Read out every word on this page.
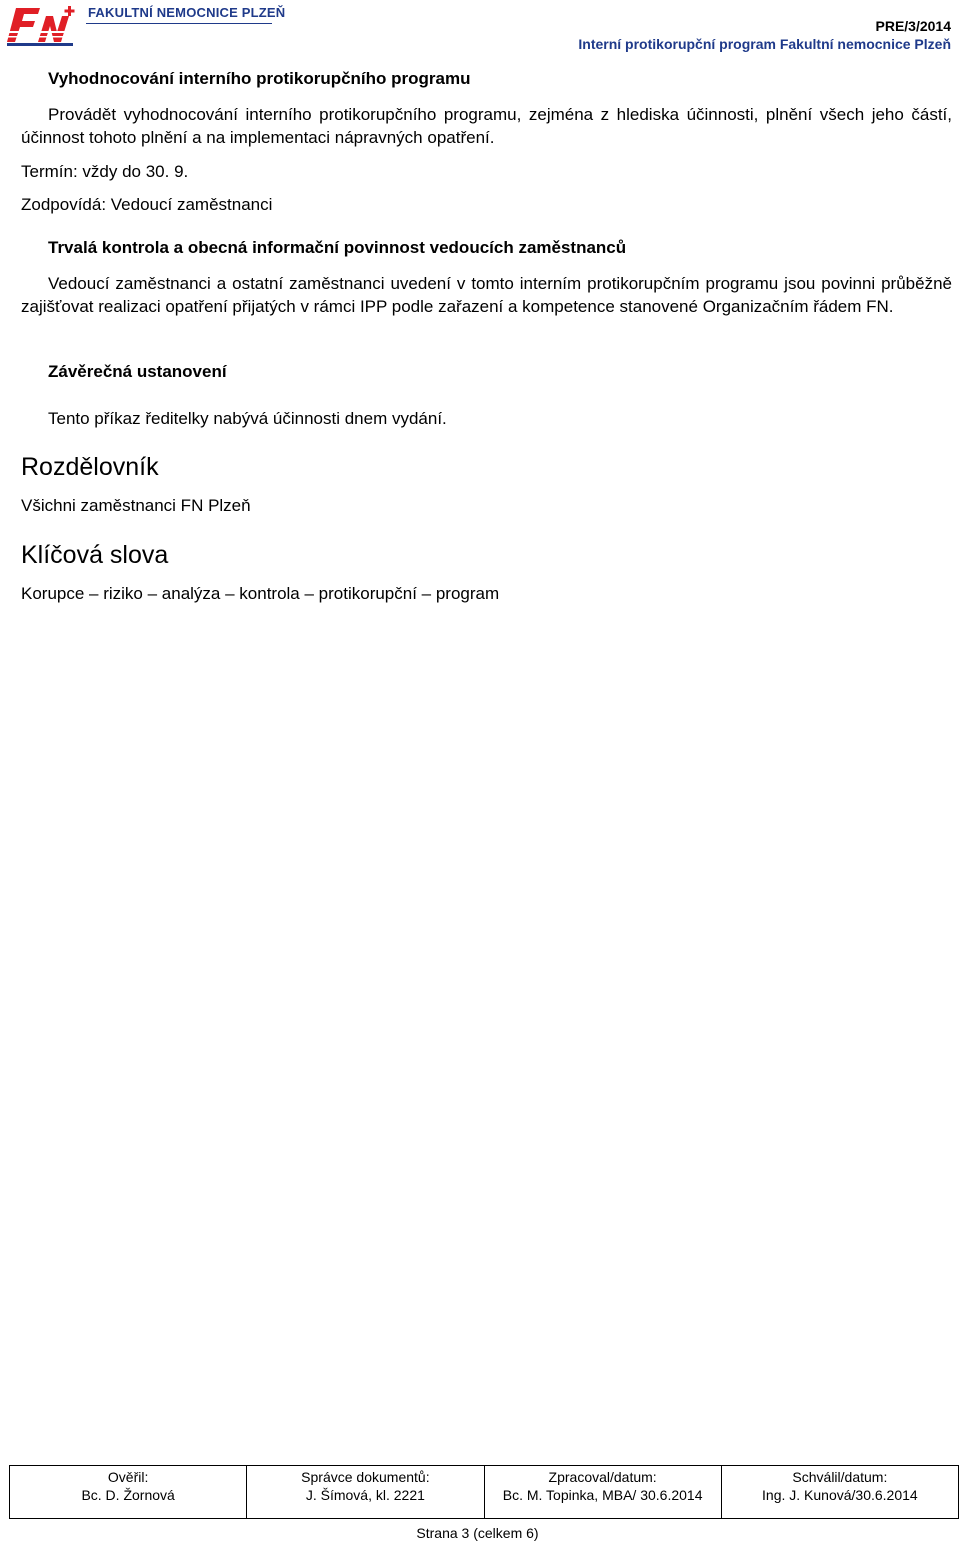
FAKULTNÍ NEMOCNICE PLZEŇ
PRE/3/2014
Interní protikorupční program Fakultní nemocnice Plzeň
Vyhodnocování interního protikorupčního programu
Provádět vyhodnocování interního protikorupčního programu, zejména z hlediska účinnosti, plnění všech jeho částí, účinnost tohoto plnění a na implementaci nápravných opatření.
Termín: vždy do 30. 9.
Zodpovídá: Vedoucí zaměstnanci
Trvalá kontrola a obecná informační povinnost vedoucích zaměstnanců
Vedoucí zaměstnanci a ostatní zaměstnanci uvedení v tomto interním protikorupčním programu jsou povinni průběžně zajišťovat realizaci opatření přijatých v rámci IPP podle zařazení a kompetence stanovené Organizačním řádem FN.
Závěrečná ustanovení
Tento příkaz ředitelky nabývá účinnosti dnem vydání.
Rozdělovník
Všichni zaměstnanci FN Plzeň
Klíčová slova
Korupce – riziko – analýza – kontrola – protikorupční – program
Ověřil:
Bc. D. Žornová

Správce dokumentů:
J. Šímová, kl. 2221

Zpracoval/datum:
Bc. M. Topinka, MBA/ 30.6.2014

Schválil/datum:
Ing. J. Kunová/30.6.2014
Strana 3 (celkem 6)
